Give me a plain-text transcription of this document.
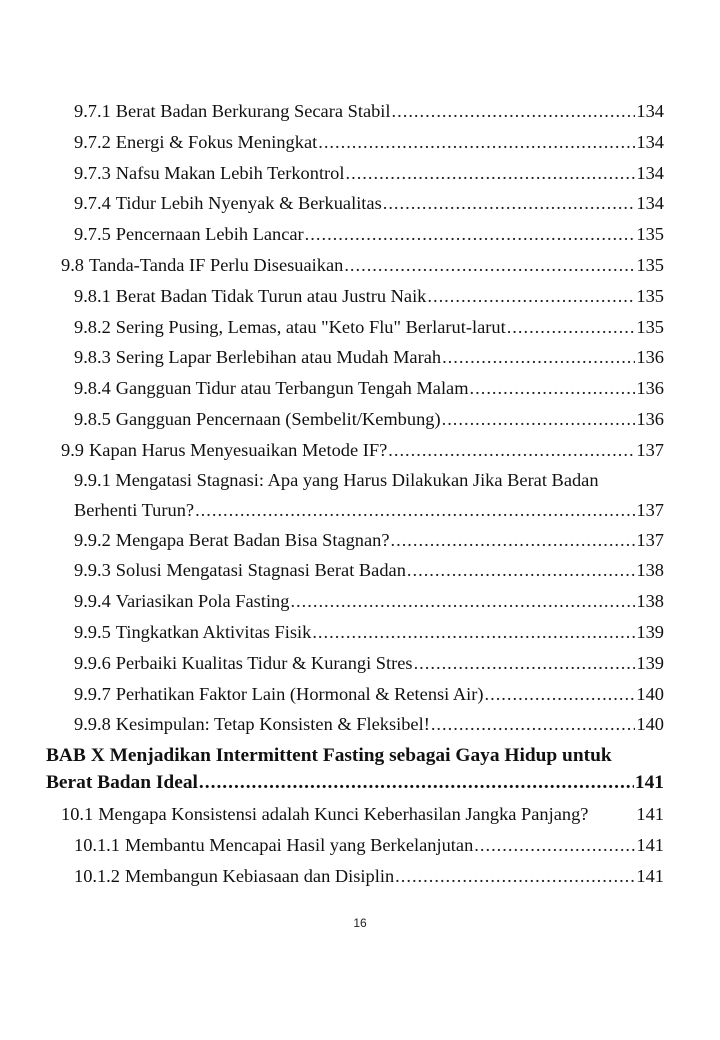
9.7.1 Berat Badan Berkurang Secara Stabil .....	134
9.7.2 Energi & Fokus Meningkat .....	134
9.7.3 Nafsu Makan Lebih Terkontrol .....	134
9.7.4 Tidur Lebih Nyenyak & Berkualitas .....	134
9.7.5 Pencernaan Lebih Lancar .....	135
9.8 Tanda-Tanda IF Perlu Disesuaikan .....	135
9.8.1 Berat Badan Tidak Turun atau Justru Naik .....	135
9.8.2 Sering Pusing, Lemas, atau "Keto Flu" Berlarut-larut .....	135
9.8.3 Sering Lapar Berlebihan atau Mudah Marah .....	136
9.8.4 Gangguan Tidur atau Terbangun Tengah Malam .....	136
9.8.5 Gangguan Pencernaan (Sembelit/Kembung) .....	136
9.9 Kapan Harus Menyesuaikan Metode IF? .....	137
9.9.1 Mengatasi Stagnasi: Apa yang Harus Dilakukan Jika Berat Badan
Berhenti Turun? .....	137
9.9.2 Mengapa Berat Badan Bisa Stagnan? .....	137
9.9.3 Solusi Mengatasi Stagnasi Berat Badan .....	138
9.9.4 Variasikan Pola Fasting .....	138
9.9.5 Tingkatkan Aktivitas Fisik .....	139
9.9.6 Perbaiki Kualitas Tidur & Kurangi Stres .....	139
9.9.7 Perhatikan Faktor Lain (Hormonal & Retensi Air) .....	140
9.9.8 Kesimpulan: Tetap Konsisten & Fleksibel! .....	140
BAB X Menjadikan Intermittent Fasting sebagai Gaya Hidup untuk
Berat Badan Ideal .....	141
10.1 Mengapa Konsistensi adalah Kunci Keberhasilan Jangka Panjang?	141
10.1.1 Membantu Mencapai Hasil yang Berkelanjutan .....	141
10.1.2 Membangun Kebiasaan dan Disiplin .....	141
16
